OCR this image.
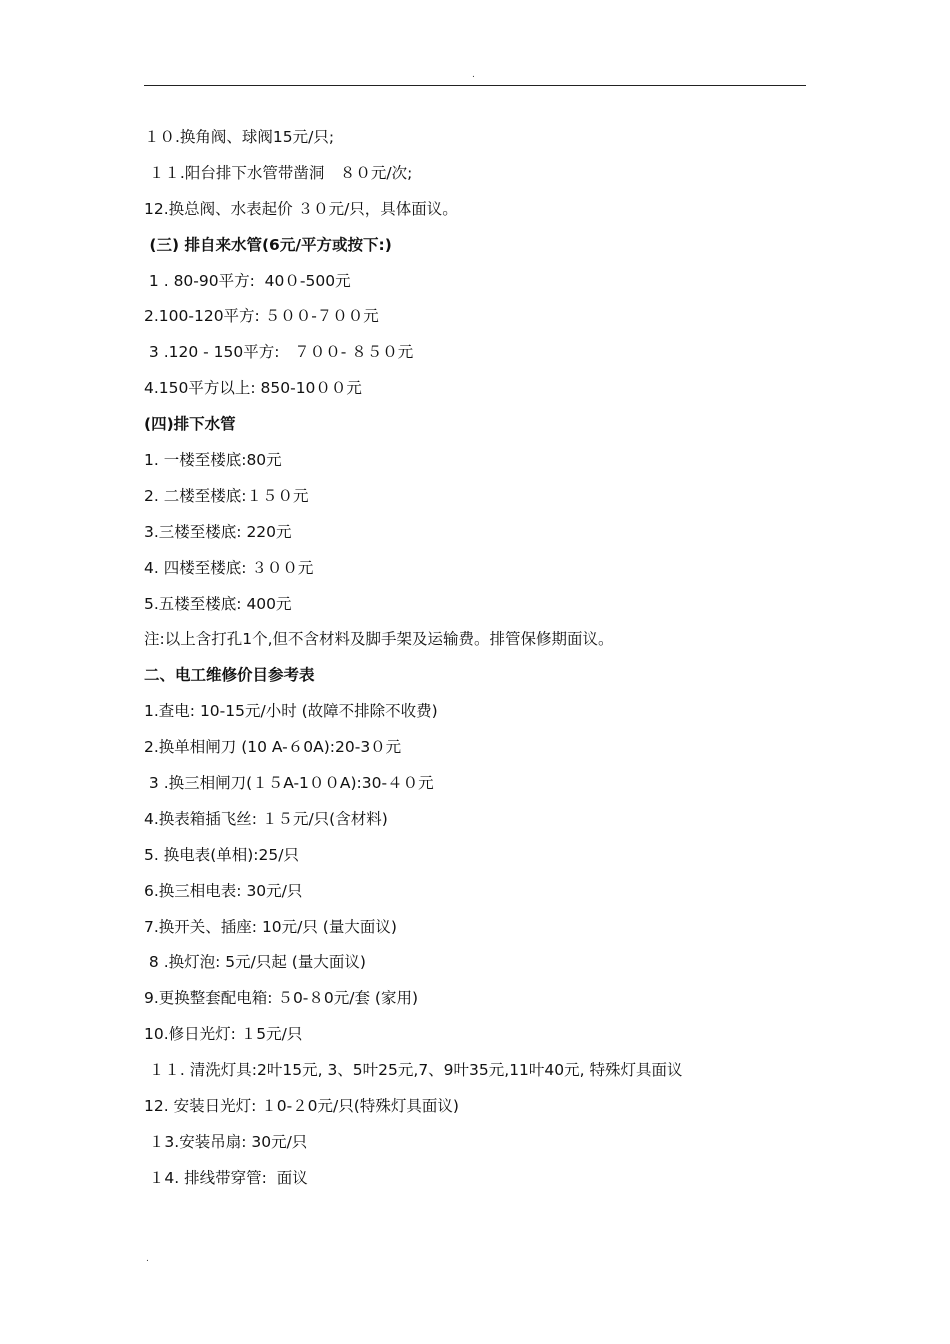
.
１０.换角阀、球阀15元/只;
１１.阳台排下水管带凿洞　８０元/次;
12.换总阀、水表起价 ３０元/只，具体面议。
(三) 排自来水管(6元/平方或按下:)
1 . 80-90平方:  40０-500元
2.100-120平方: ５００-７００元
3 .120 - 150平方:   ７００- ８５０元
4.150平方以上: 850-10００元
(四)排下水管
1. 一楼至楼底:80元
2. 二楼至楼底:１５０元
3.三楼至楼底: 220元
4. 四楼至楼底: ３００元
5.五楼至楼底: 400元
注:以上含打孔1个,但不含材料及脚手架及运输费。排管保修期面议。
二、电工维修价目参考表
1.查电: 10-15元/小时 (故障不排除不收费)
2.换单相闸刀 (10 A-６0A):20-3０元
3 .换三相闸刀(１５A-1００A):30-４０元
4.换表箱插飞丝: １５元/只(含材料)
5. 换电表(单相):25/只
6.换三相电表: 30元/只
7.换开关、插座: 10元/只 (量大面议)
8 .换灯泡: 5元/只起 (量大面议)
9.更换整套配电箱: ５0-８0元/套 (家用)
10.修日光灯: １5元/只
１１. 清洗灯具:2叶15元, 3、5叶25元,7、9叶35元,11叶40元, 特殊灯具面议
12. 安装日光灯: １0-２0元/只(特殊灯具面议)
１3.安装吊扇: 30元/只
１4. 排线带穿管:  面议
.
